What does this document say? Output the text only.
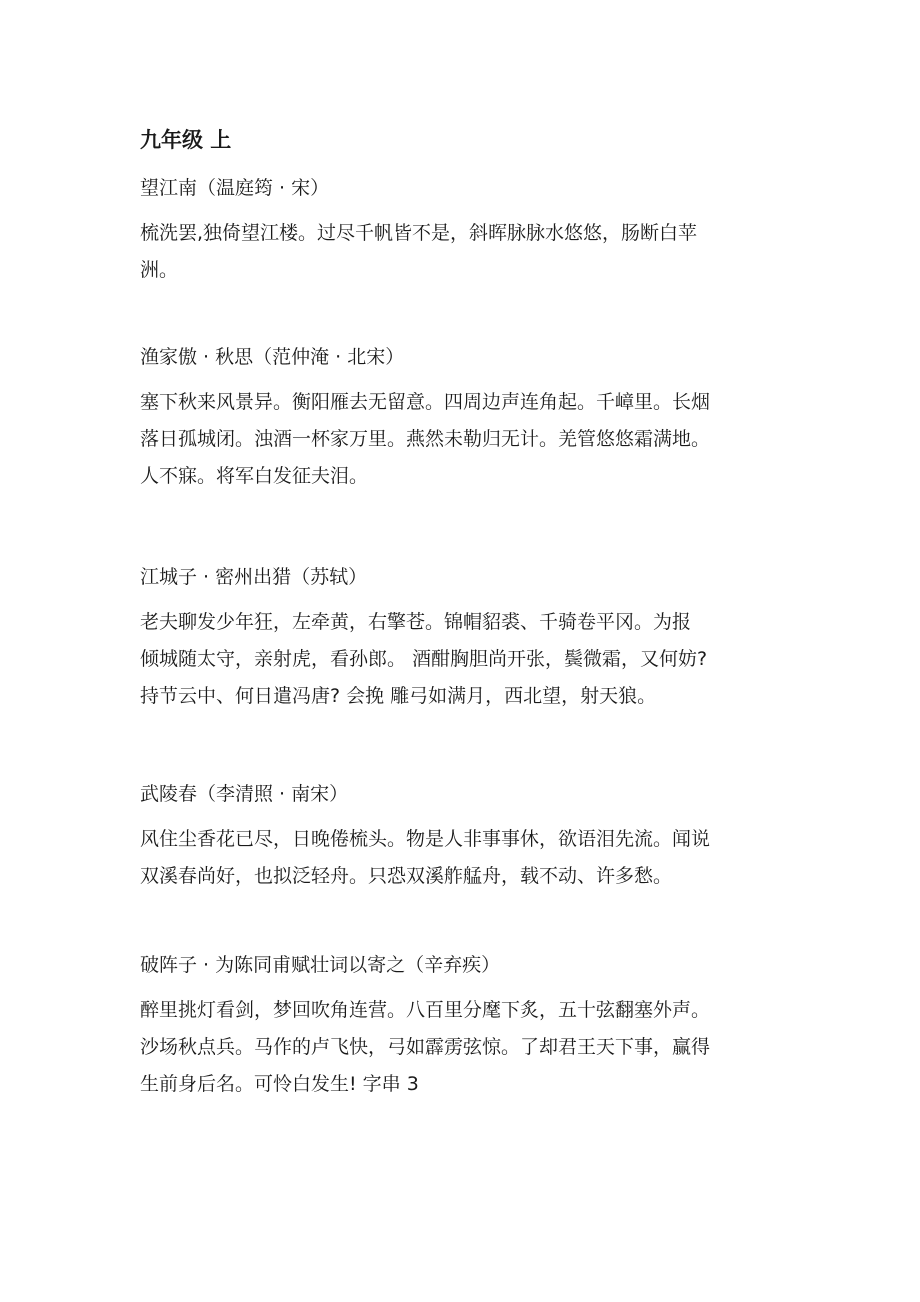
九年级 上
望江南（温庭筠 · 宋）
梳洗罢,独倚望江楼。过尽千帆皆不是，斜晖脉脉水悠悠，肠断白苹
洲。
渔家傲 · 秋思（范仲淹 · 北宋）
塞下秋来风景异。衡阳雁去无留意。四周边声连角起。千嶂里。长烟
落日孤城闭。浊酒一杯家万里。燕然未勒归无计。羌管悠悠霜满地。
人不寐。将军白发征夫泪。
江城子 · 密州出猎（苏轼）
老夫聊发少年狂，左牵黄，右擎苍。锦帽貂裘、千骑卷平冈。为报
倾城随太守，亲射虎，看孙郎。 酒酣胸胆尚开张，鬓微霜，又何妨?
持节云中、何日遣冯唐? 会挽 雕弓如满月，西北望，射天狼。
武陵春（李清照 · 南宋）
风住尘香花已尽，日晚倦梳头。物是人非事事休，欲语泪先流。闻说
双溪春尚好，也拟泛轻舟。只恐双溪舴艋舟，载不动、许多愁。
破阵子 · 为陈同甫赋壮词以寄之（辛弃疾）
醉里挑灯看剑，梦回吹角连营。八百里分麾下炙，五十弦翻塞外声。
沙场秋点兵。马作的卢飞快，弓如霹雳弦惊。了却君王天下事，赢得
生前身后名。可怜白发生! 字串 3
